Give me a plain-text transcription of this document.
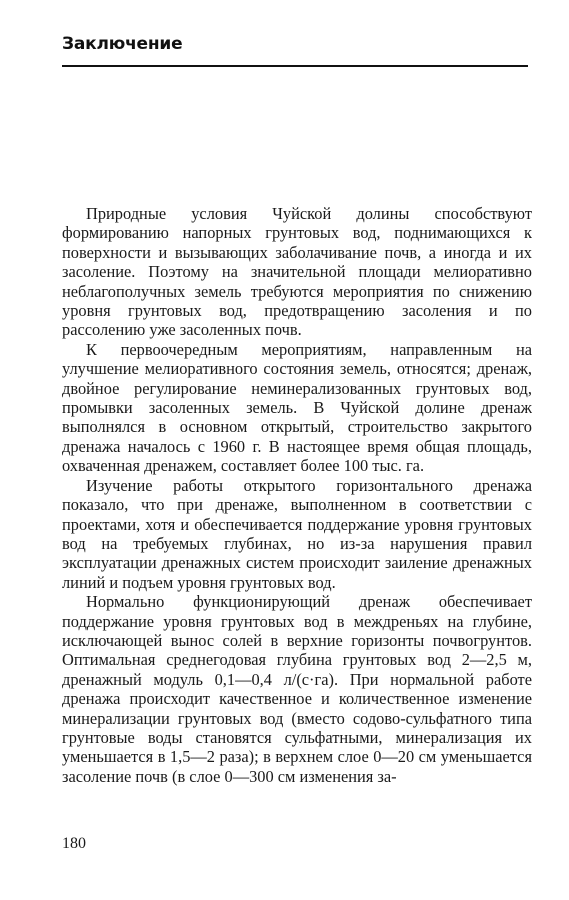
Заключение

Природные условия Чуйской долины способствуют формированию напорных грунтовых вод, поднимающихся к поверхности и вызывающих заболачивание почв, а иногда и их засоление. Поэтому на значительной площади мелиоративно неблагополучных земель требуются мероприятия по снижению уровня грунтовых вод, предотвращению засоления и по рассолению уже засоленных почв.

К первоочередным мероприятиям, направленным на улучшение мелиоративного состояния земель, относятся; дренаж, двойное регулирование неминерализованных грунтовых вод, промывки засоленных земель. В Чуйской долине дренаж выполнялся в основном открытый, строительство закрытого дренажа началось с 1960 г. В настоящее время общая площадь, охваченная дренажем, составляет более 100 тыс. га.

Изучение работы открытого горизонтального дренажа показало, что при дренаже, выполненном в соответствии с проектами, хотя и обеспечивается поддержание уровня грунтовых вод на требуемых глубинах, но из-за нарушения правил эксплуатации дренажных систем происходит заиление дренажных линий и подъем уровня грунтовых вод.

Нормально функционирующий дренаж обеспечивает поддержание уровня грунтовых вод в междреньях на глубине, исключающей вынос солей в верхние горизонты почвогрунтов. Оптимальная среднегодовая глубина грунтовых вод 2—2,5 м, дренажный модуль 0,1—0,4 л/(с·га). При нормальной работе дренажа происходит качественное и количественное изменение минерализации грунтовых вод (вместо содово-сульфатного типа грунтовые воды становятся сульфатными, минерализация их уменьшается в 1,5—2 раза); в верхнем слое 0—20 см уменьшается засоление почв (в слое 0—300 см изменения за-

180
